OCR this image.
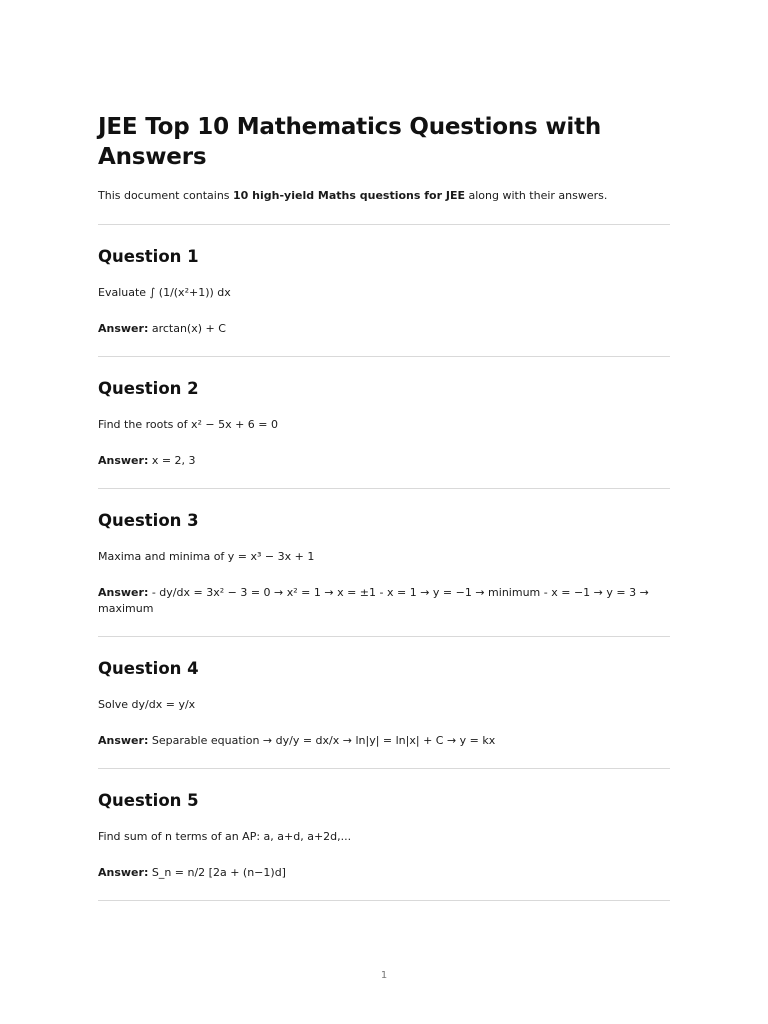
JEE Top 10 Mathematics Questions with Answers

This document contains 10 high-yield Maths questions for JEE along with their answers.

Question 1

Evaluate ∫ (1/(x²+1)) dx

Answer: arctan(x) + C

Question 2

Find the roots of x² − 5x + 6 = 0

Answer: x = 2, 3

Question 3

Maxima and minima of y = x³ − 3x + 1

Answer: - dy/dx = 3x² − 3 = 0 → x² = 1 → x = ±1 - x = 1 → y = −1 → minimum - x = −1 → y = 3 → maximum

Question 4

Solve dy/dx = y/x

Answer: Separable equation → dy/y = dx/x → ln|y| = ln|x| + C → y = kx

Question 5

Find sum of n terms of an AP: a, a+d, a+2d,...

Answer: S_n = n/2 [2a + (n−1)d]

1
